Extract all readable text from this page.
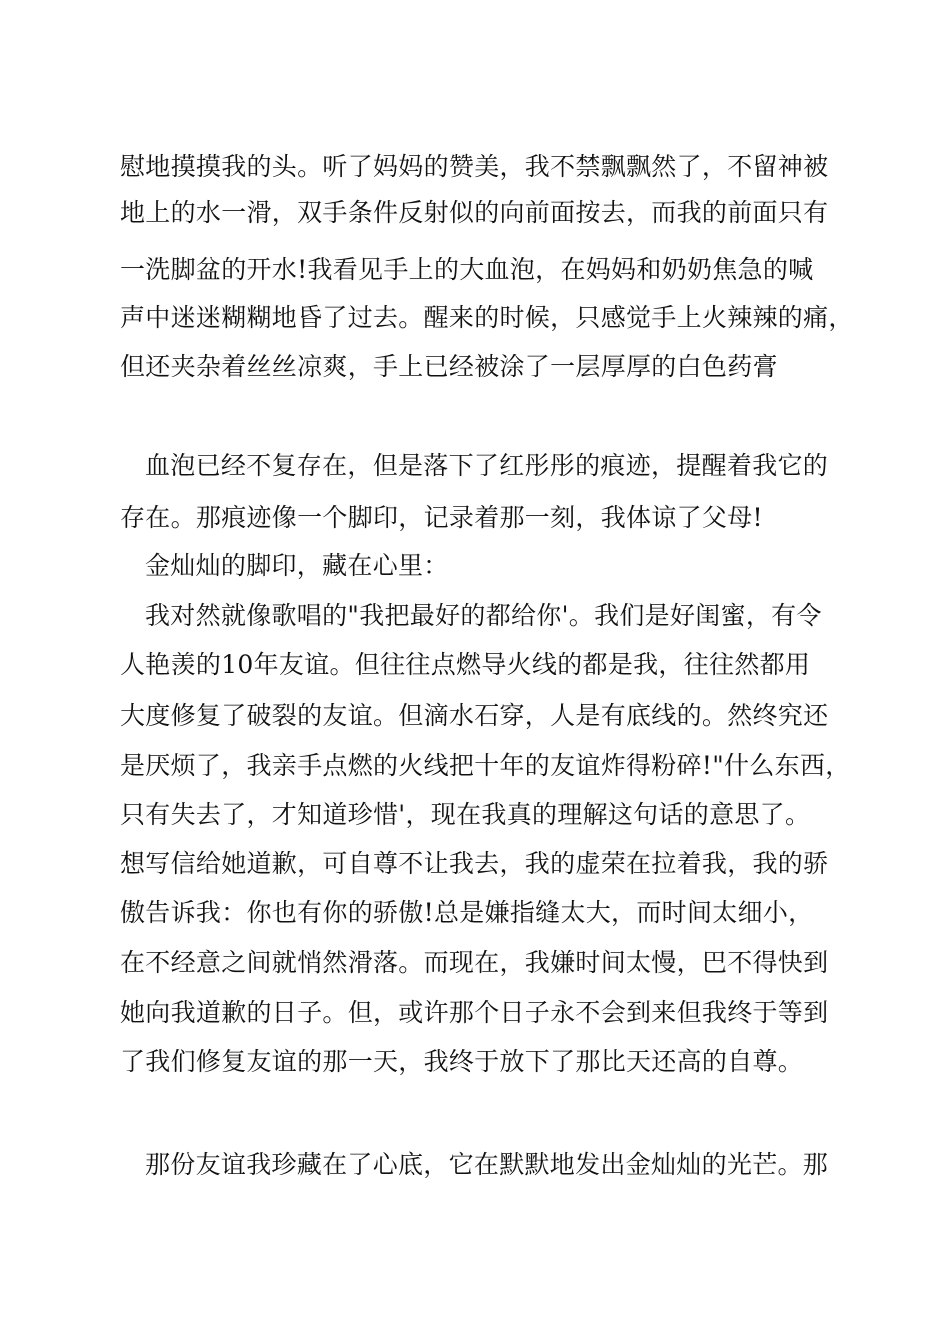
慰地摸摸我的头。听了妈妈的赞美，我不禁飘飘然了，不留神被
地上的水一滑，双手条件反射似的向前面按去，而我的前面只有
一洗脚盆的开水!我看见手上的大血泡，在妈妈和奶奶焦急的喊
声中迷迷糊糊地昏了过去。醒来的时候，只感觉手上火辣辣的痛，
但还夹杂着丝丝凉爽，手上已经被涂了一层厚厚的白色药膏
血泡已经不复存在，但是落下了红彤彤的痕迹，提醒着我它的
存在。那痕迹像一个脚印，记录着那一刻，我体谅了父母!
金灿灿的脚印，藏在心里：
我对然就像歌唱的"我把最好的都给你'。我们是好闺蜜，有令
人艳羡的10年友谊。但往往点燃导火线的都是我，往往然都用
大度修复了破裂的友谊。但滴水石穿，人是有底线的。然终究还
是厌烦了，我亲手点燃的火线把十年的友谊炸得粉碎!"什么东西，
只有失去了，才知道珍惜'，现在我真的理解这句话的意思了。
想写信给她道歉，可自尊不让我去，我的虚荣在拉着我，我的骄
傲告诉我：你也有你的骄傲!总是嫌指缝太大，而时间太细小，
在不经意之间就悄然滑落。而现在，我嫌时间太慢，巴不得快到
她向我道歉的日子。但，或许那个日子永不会到来但我终于等到
了我们修复友谊的那一天，我终于放下了那比天还高的自尊。
那份友谊我珍藏在了心底，它在默默地发出金灿灿的光芒。那
